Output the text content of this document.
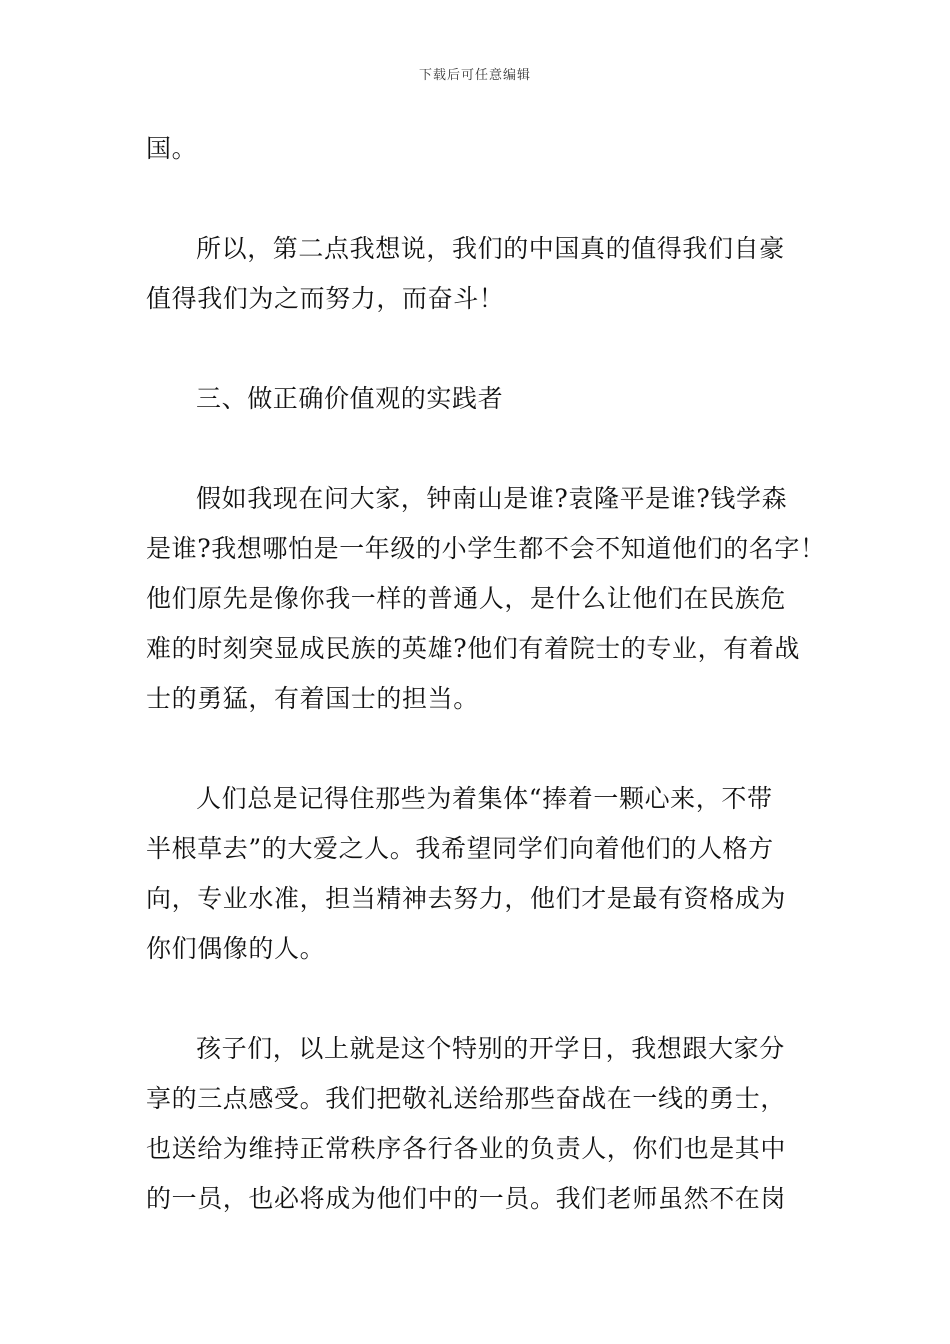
下载后可任意编辑
国。
所以，第二点我想说，我们的中国真的值得我们自豪
值得我们为之而努力，而奋斗！
三、做正确价值观的实践者
假如我现在问大家，钟南山是谁?袁隆平是谁?钱学森
是谁?我想哪怕是一年级的小学生都不会不知道他们的名字！
他们原先是像你我一样的普通人，是什么让他们在民族危
难的时刻突显成民族的英雄?他们有着院士的专业，有着战
士的勇猛，有着国士的担当。
人们总是记得住那些为着集体“捧着一颗心来，不带
半根草去”的大爱之人。我希望同学们向着他们的人格方
向，专业水准，担当精神去努力，他们才是最有资格成为
你们偶像的人。
孩子们，以上就是这个特别的开学日，我想跟大家分
享的三点感受。我们把敬礼送给那些奋战在一线的勇士，
也送给为维持正常秩序各行各业的负责人，你们也是其中
的一员，也必将成为他们中的一员。我们老师虽然不在岗
